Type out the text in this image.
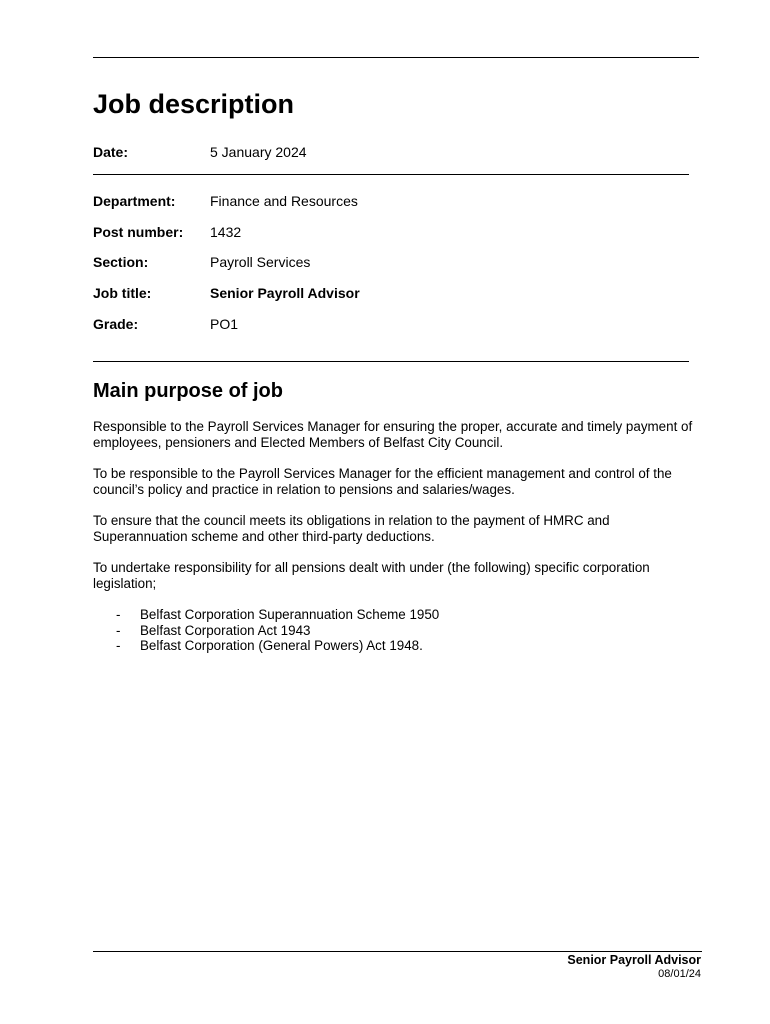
Job description
Date:	5 January 2024
Department: Finance and Resources
Post number: 1432
Section:	Payroll Services
Job title:	Senior Payroll Advisor
Grade:	PO1
Main purpose of job

Responsible to the Payroll Services Manager for ensuring the proper, accurate and timely payment of employees, pensioners and Elected Members of Belfast City Council.

To be responsible to the Payroll Services Manager for the efficient management and control of the council’s policy and practice in relation to pensions and salaries/wages.

To ensure that the council meets its obligations in relation to the payment of HMRC and Superannuation scheme and other third-party deductions.

To undertake responsibility for all pensions dealt with under (the following) specific corporation legislation;

- Belfast Corporation Superannuation Scheme 1950
- Belfast Corporation Act 1943
- Belfast Corporation (General Powers) Act 1948.
Senior Payroll Advisor
08/01/24
